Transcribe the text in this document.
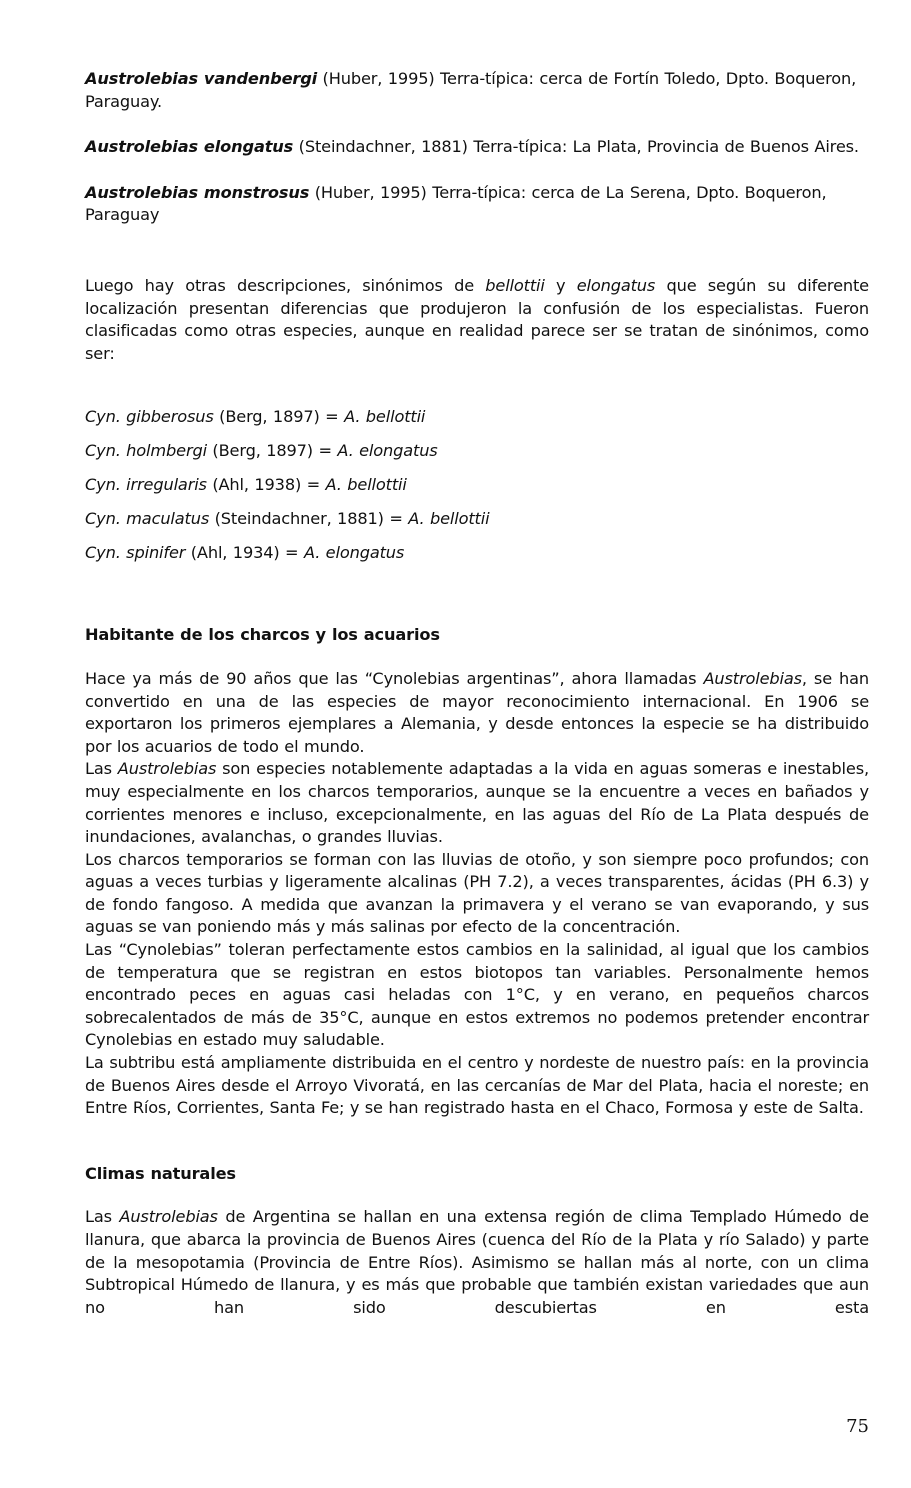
Austrolebias vandenbergi (Huber, 1995) Terra-típica: cerca de Fortín Toledo, Dpto. Boqueron, Paraguay.

Austrolebias elongatus (Steindachner, 1881) Terra-típica: La Plata, Provincia de Buenos Aires.

Austrolebias monstrosus (Huber, 1995) Terra-típica: cerca de La Serena, Dpto. Boqueron, Paraguay

Luego hay otras descripciones, sinónimos de bellottii y elongatus que según su diferente localización presentan diferencias que produjeron la confusión de los especialistas. Fueron clasificadas como otras especies, aunque en realidad parece ser se tratan de sinónimos, como ser:

Cyn. gibberosus (Berg, 1897) = A. bellottii

Cyn. holmbergi (Berg, 1897) = A. elongatus

Cyn. irregularis (Ahl, 1938) = A. bellottii

Cyn. maculatus (Steindachner, 1881) = A. bellottii

Cyn. spinifer (Ahl, 1934) = A. elongatus

Habitante de los charcos y los acuarios

Hace ya más de 90 años que las “Cynolebias argentinas”, ahora llamadas Austrolebias, se han convertido en una de las especies de mayor reconocimiento internacional. En 1906 se exportaron los primeros ejemplares a Alemania, y desde entonces la especie se ha distribuido por los acuarios de todo el mundo.

Las Austrolebias son especies notablemente adaptadas a la vida en aguas someras e inestables, muy especialmente en los charcos temporarios, aunque se la encuentre a veces en bañados y corrientes menores e incluso, excepcionalmente, en las aguas del Río de La Plata después de inundaciones, avalanchas, o grandes lluvias.

Los charcos temporarios se forman con las lluvias de otoño, y son siempre poco profundos; con aguas a veces turbias y ligeramente alcalinas (PH 7.2), a veces transparentes, ácidas (PH 6.3) y de fondo fangoso. A medida que avanzan la primavera y el verano se van evaporando, y sus aguas se van poniendo más y más salinas por efecto de la concentración.

Las “Cynolebias” toleran perfectamente estos cambios en la salinidad, al igual que los cambios de temperatura que se registran en estos biotopos tan variables. Personalmente hemos encontrado peces en aguas casi heladas con 1°C, y en verano, en pequeños charcos sobrecalentados de más de 35°C, aunque en estos extremos no podemos pretender encontrar Cynolebias en estado muy saludable.

La subtribu está ampliamente distribuida en el centro y nordeste de nuestro país: en la provincia de Buenos Aires desde el Arroyo Vivoratá, en las cercanías de Mar del Plata, hacia el noreste; en Entre Ríos, Corrientes, Santa Fe; y se han registrado hasta en el Chaco, Formosa y este de Salta.

Climas naturales

Las Austrolebias de Argentina se hallan en una extensa región de clima Templado Húmedo de llanura, que abarca la provincia de Buenos Aires (cuenca del Río de la Plata y río Salado) y parte de la mesopotamia (Provincia de Entre Ríos). Asimismo se hallan más al norte, con un clima Subtropical Húmedo de llanura, y es más que probable que también existan variedades que aun no han sido descubiertas en esta

75
